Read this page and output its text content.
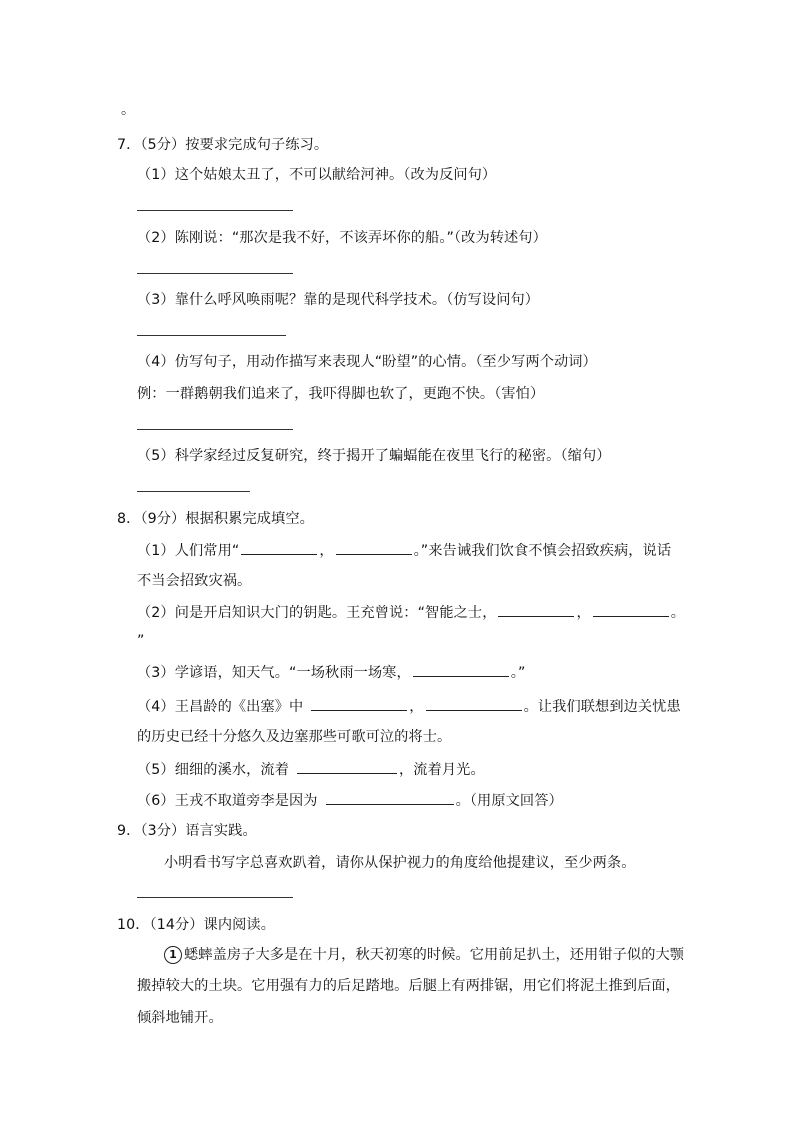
。
7．（5分）按要求完成句子练习。
（1）这个姑娘太丑了，不可以献给河神。（改为反问句）
（2）陈刚说：“那次是我不好，不该弄坏你的船。”（改为转述句）
（3）靠什么呼风唤雨呢？靠的是现代科学技术。（仿写设问句）
（4）仿写句子，用动作描写来表现人“盼望”的心情。（至少写两个动词）
例：一群鹅朝我们追来了，我吓得脚也软了，更跑不快。（害怕）
（5）科学家经过反复研究，终于揭开了蝙蝠能在夜里飞行的秘密。（缩句）
8．（9分）根据积累完成填空。
（1）人们常用“	，	。”来告诫我们饮食不慎会招致疾病，说话
不当会招致灾祸。
（2）问是开启知识大门的钥匙。王充曾说：“智能之士，	，	。
”
（3）学谚语，知天气。“一场秋雨一场寒，	。”
（4）王昌龄的《出塞》中	，	。让我们联想到边关忧患
的历史已经十分悠久及边塞那些可歌可泣的将士。
（5）细细的溪水，流着	，流着月光。
（6）王戎不取道旁李是因为	。（用原文回答）
9．（3分）语言实践。
小明看书写字总喜欢趴着，请你从保护视力的角度给他提建议，至少两条。
10．（14分）课内阅读。
1 蟋蟀盖房子大多是在十月，秋天初寒的时候。它用前足扒土，还用钳子似的大颚
搬掉较大的土块。它用强有力的后足踏地。后腿上有两排锯，用它们将泥土推到后面，
倾斜地铺开。
